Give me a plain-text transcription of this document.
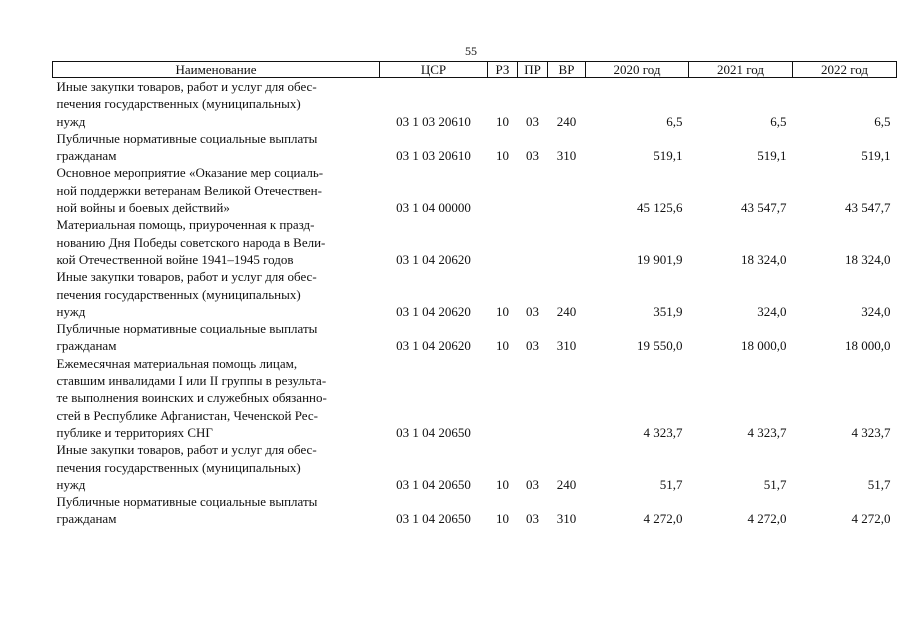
55
Наименование	ЦСР	РЗ	ПР	ВР	2020 год	2021 год	2022 год

Иные закупки товаров, работ и услуг для обес-
печения государственных (муниципальных)
нужд	03 1 03 20610	10	03	240	6,5	6,5	6,5

Публичные нормативные социальные выплаты
гражданам	03 1 03 20610	10	03	310	519,1	519,1	519,1

Основное мероприятие «Оказание мер социаль-
ной поддержки ветеранам Великой Отечествен-
ной войны и боевых действий»	03 1 04 00000				45 125,6	43 547,7	43 547,7

Материальная помощь, приуроченная к празд-
нованию Дня Победы советского народа в Вели-
кой Отечественной войне 1941–1945 годов	03 1 04 20620				19 901,9	18 324,0	18 324,0

Иные закупки товаров, работ и услуг для обес-
печения государственных (муниципальных)
нужд	03 1 04 20620	10	03	240	351,9	324,0	324,0

Публичные нормативные социальные выплаты
гражданам	03 1 04 20620	10	03	310	19 550,0	18 000,0	18 000,0

Ежемесячная материальная помощь лицам,
ставшим инвалидами I или II группы в результа-
те выполнения воинских и служебных обязанно-
стей в Республике Афганистан, Чеченской Рес-
публике и территориях СНГ	03 1 04 20650				4 323,7	4 323,7	4 323,7

Иные закупки товаров, работ и услуг для обес-
печения государственных (муниципальных)
нужд	03 1 04 20650	10	03	240	51,7	51,7	51,7

Публичные нормативные социальные выплаты
гражданам	03 1 04 20650	10	03	310	4 272,0	4 272,0	4 272,0
